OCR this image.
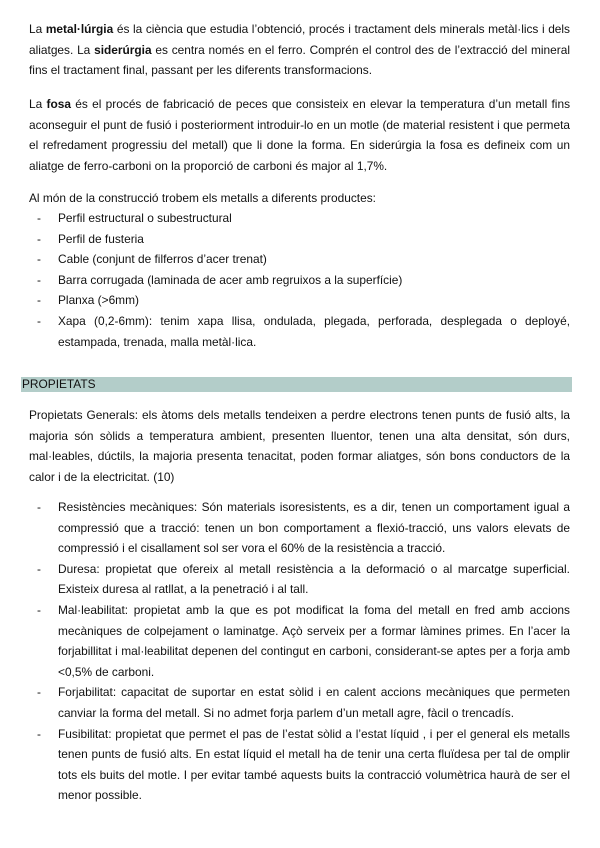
La metal·lúrgia és la ciència que estudia l’obtenció, procés i tractament dels minerals metàl·lics i dels aliatges. La siderúrgia es centra només en el ferro. Comprén el control des de l’extracció del mineral fins el tractament final, passant per les diferents transformacions.

La fosa és el procés de fabricació de peces que consisteix en elevar la temperatura d’un metall fins aconseguir el punt de fusió i posteriorment introduir-lo en un motle (de material resistent i que permeta el refredament progressiu del metall) que li done la forma. En siderúrgia la fosa es defineix com un aliatge de ferro-carboni on la proporció de carboni és major al 1,7%.

Al món de la construcció trobem els metalls a diferents productes:

- Perfil estructural o subestructural
- Perfil de fusteria
- Cable (conjunt de filferros d’acer trenat)
- Barra corrugada (laminada de acer amb regruixos a la superfície)
- Planxa (>6mm)
- Xapa (0,2-6mm): tenim xapa llisa, ondulada, plegada, perforada, desplegada o deployé, estampada, trenada, malla metàl·lica.
PROPIETATS

Propietats Generals: els àtoms dels metalls tendeixen a perdre electrons tenen punts de fusió alts, la majoria són sòlids a temperatura ambient, presenten lluentor, tenen una alta densitat, són durs, mal·leables, dúctils, la majoria presenta tenacitat, poden formar aliatges, són bons conductors de la calor i de la electricitat. (10)

- Resistències mecàniques: Són materials isoresistents, es a dir, tenen un comportament igual a compressió que a tracció: tenen un bon comportament a flexió-tracció, uns valors elevats de compressió i el cisallament sol ser vora el 60% de la resistència a tracció.
- Duresa: propietat que ofereix al metall resistència a la deformació o al marcatge superficial. Existeix duresa al ratllat, a la penetració i al tall.
- Mal·leabilitat: propietat amb la que es pot modificat la foma del metall en fred amb accions mecàniques de colpejament o laminatge. Açò serveix per a formar làmines primes. En l’acer la forjabillitat i mal·leabilitat depenen del contingut en carboni, considerant-se aptes per a forja amb <0,5% de carboni.
- Forjabilitat: capacitat de suportar en estat sòlid i en calent accions mecàniques que permeten canviar la forma del metall. Si no admet forja parlem d’un metall agre, fàcil o trencadís.
- Fusibilitat: propietat que permet el pas de l’estat sòlid a l’estat líquid , i per el general els metalls tenen punts de fusió alts. En estat líquid el metall ha de tenir una certa fluïdesa per tal de omplir tots els buits del motle. I per evitar també aquests buits la contracció volumètrica haurà de ser el menor possible.
